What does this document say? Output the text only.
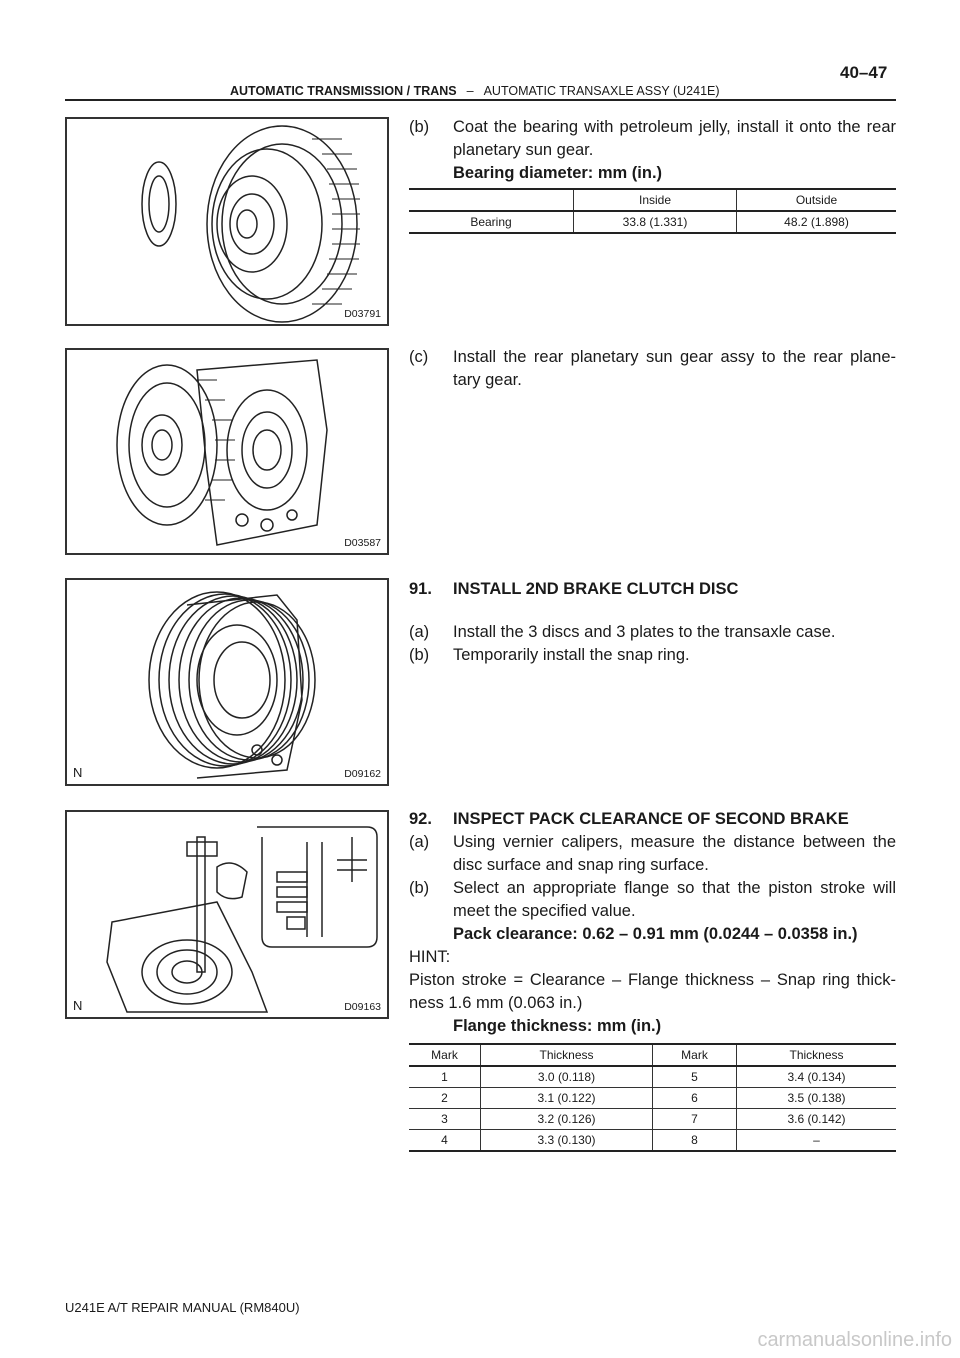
40–47
AUTOMATIC TRANSMISSION / TRANS – AUTOMATIC TRANSAXLE ASSY (U241E)
D03791
D03587
N	D09162
N	D09163
(b)	Coat the bearing with petroleum jelly, install it onto the rear planetary sun gear.
Bearing diameter: mm (in.)
	Inside	Outside
Bearing	33.8 (1.331)	48.2 (1.898)
(c)	Install the rear planetary sun gear assy to the rear plane- tary gear.
91.	INSTALL 2ND BRAKE CLUTCH DISC
(a)	Install the 3 discs and 3 plates to the transaxle case.
(b)	Temporarily install the snap ring.
92.	INSPECT PACK CLEARANCE OF SECOND BRAKE
(a)	Using vernier calipers, measure the distance between the disc surface and snap ring surface.
(b)	Select an appropriate flange so that the piston stroke will meet the specified value.
Pack clearance: 0.62 – 0.91 mm (0.0244 – 0.0358 in.)
HINT:
Piston stroke = Clearance – Flange thickness – Snap ring thick- ness 1.6 mm (0.063 in.)
Flange thickness: mm (in.)
Mark	Thickness	Mark	Thickness
1	3.0 (0.118)	5	3.4 (0.134)
2	3.1 (0.122)	6	3.5 (0.138)
3	3.2 (0.126)	7	3.6 (0.142)
4	3.3 (0.130)	8	–
U241E A/T REPAIR MANUAL (RM840U)
carmanualsonline.info
